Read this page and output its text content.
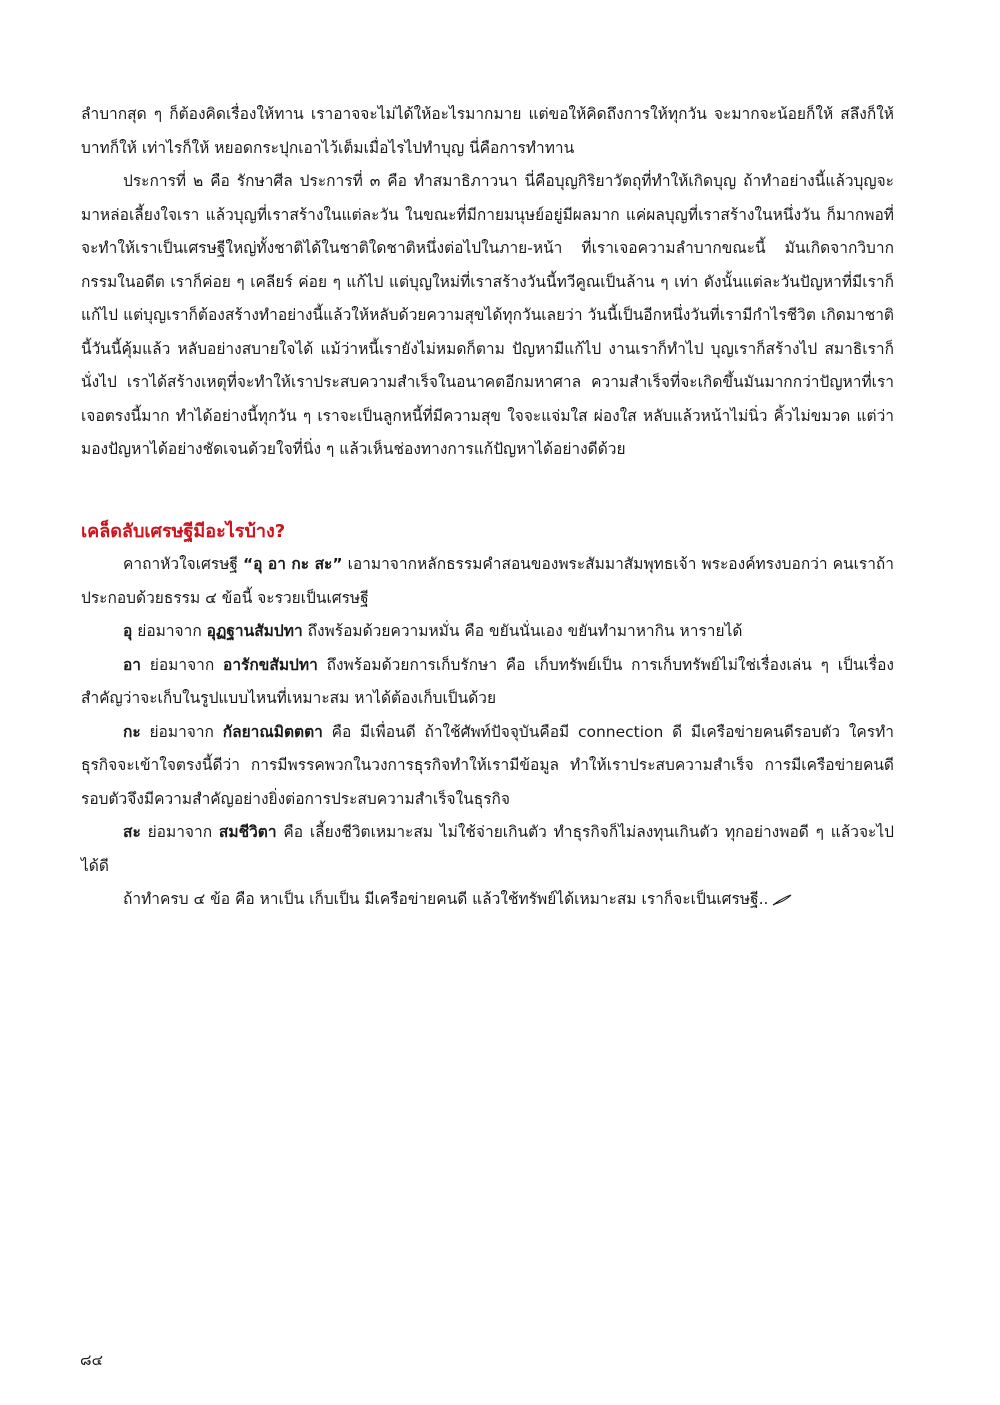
ลำบากสุด ๆ ก็ต้องคิดเรื่องให้ทาน เราอาจจะไม่ได้ให้อะไรมากมาย แต่ขอให้คิดถึงการให้ทุกวัน จะมากจะน้อยก็ให้ สลึงก็ให้ บาทก็ให้ เท่าไรก็ให้ หยอดกระปุกเอาไว้เต็มเมื่อไรไปทำบุญ นี่คือการทำทาน

ประการที่ ๒ คือ รักษาศีล ประการที่ ๓ คือ ทำสมาธิภาวนา นี่คือบุญกิริยาวัตถุที่ทำให้เกิดบุญ ถ้าทำอย่างนี้แล้วบุญจะมาหล่อเลี้ยงใจเรา แล้วบุญที่เราสร้างในแต่ละวัน ในขณะที่มีกายมนุษย์อยู่มีผลมาก แค่ผลบุญที่เราสร้างในหนึ่งวัน ก็มากพอที่จะทำให้เราเป็นเศรษฐีใหญ่ทั้งชาติได้ในชาติใดชาติหนึ่งต่อไปในภาย-หน้า ที่เราเจอความลำบากขณะนี้ มันเกิดจากวิบากกรรมในอดีต เราก็ค่อย ๆ เคลียร์ ค่อย ๆ แก้ไป แต่บุญใหม่ที่เราสร้างวันนี้ทวีคูณเป็นล้าน ๆ เท่า ดังนั้นแต่ละวันปัญหาที่มีเราก็แก้ไป แต่บุญเราก็ต้องสร้างทำอย่างนี้แล้วให้หลับด้วยความสุขได้ทุกวันเลยว่า วันนี้เป็นอีกหนึ่งวันที่เรามีกำไรชีวิต เกิดมาชาตินี้วันนี้คุ้มแล้ว หลับอย่างสบายใจได้ แม้ว่าหนี้เรายังไม่หมดก็ตาม ปัญหามีแก้ไป งานเราก็ทำไป บุญเราก็สร้างไป สมาธิเราก็นั่งไป เราได้สร้างเหตุที่จะทำให้เราประสบความสำเร็จในอนาคตอีกมหาศาล ความสำเร็จที่จะเกิดขึ้นมันมากกว่าปัญหาที่เราเจอตรงนี้มาก ทำได้อย่างนี้ทุกวัน ๆ เราจะเป็นลูกหนี้ที่มีความสุข ใจจะแจ่มใส ผ่องใส หลับแล้วหน้าไม่นิ่ว คิ้วไม่ขมวด แต่ว่ามองปัญหาได้อย่างชัดเจนด้วยใจที่นิ่ง ๆ แล้วเห็นช่องทางการแก้ปัญหาได้อย่างดีด้วย

เคล็ดลับเศรษฐีมีอะไรบ้าง?

คาถาหัวใจเศรษฐี “อุ อา กะ สะ” เอามาจากหลักธรรมคำสอนของพระสัมมาสัมพุทธเจ้า พระองค์ทรงบอกว่า คนเราถ้าประกอบด้วยธรรม ๔ ข้อนี้ จะรวยเป็นเศรษฐี

อุ ย่อมาจาก อุฏฐานสัมปทา ถึงพร้อมด้วยความหมั่น คือ ขยันนั่นเอง ขยันทำมาหากิน หารายได้

อา ย่อมาจาก อารักขสัมปทา ถึงพร้อมด้วยการเก็บรักษา คือ เก็บทรัพย์เป็น การเก็บทรัพย์ไม่ใช่เรื่องเล่น ๆ เป็นเรื่องสำคัญว่าจะเก็บในรูปแบบไหนที่เหมาะสม หาได้ต้องเก็บเป็นด้วย

กะ ย่อมาจาก กัลยาณมิตตตา คือ มีเพื่อนดี ถ้าใช้ศัพท์ปัจจุบันคือมี connection ดี มีเครือข่ายคนดีรอบตัว ใครทำธุรกิจจะเข้าใจตรงนี้ดีว่า การมีพรรคพวกในวงการธุรกิจทำให้เรามีข้อมูล ทำให้เราประสบความสำเร็จ การมีเครือข่ายคนดีรอบตัวจึงมีความสำคัญอย่างยิ่งต่อการประสบความสำเร็จในธุรกิจ

สะ ย่อมาจาก สมชีวิตา คือ เลี้ยงชีวิตเหมาะสม ไม่ใช้จ่ายเกินตัว ทำธุรกิจก็ไม่ลงทุนเกินตัว ทุกอย่างพอดี ๆ แล้วจะไปได้ดี

ถ้าทำครบ ๔ ข้อ คือ หาเป็น เก็บเป็น มีเครือข่ายคนดี แล้วใช้ทรัพย์ได้เหมาะสม เราก็จะเป็นเศรษฐี..

๘๔
